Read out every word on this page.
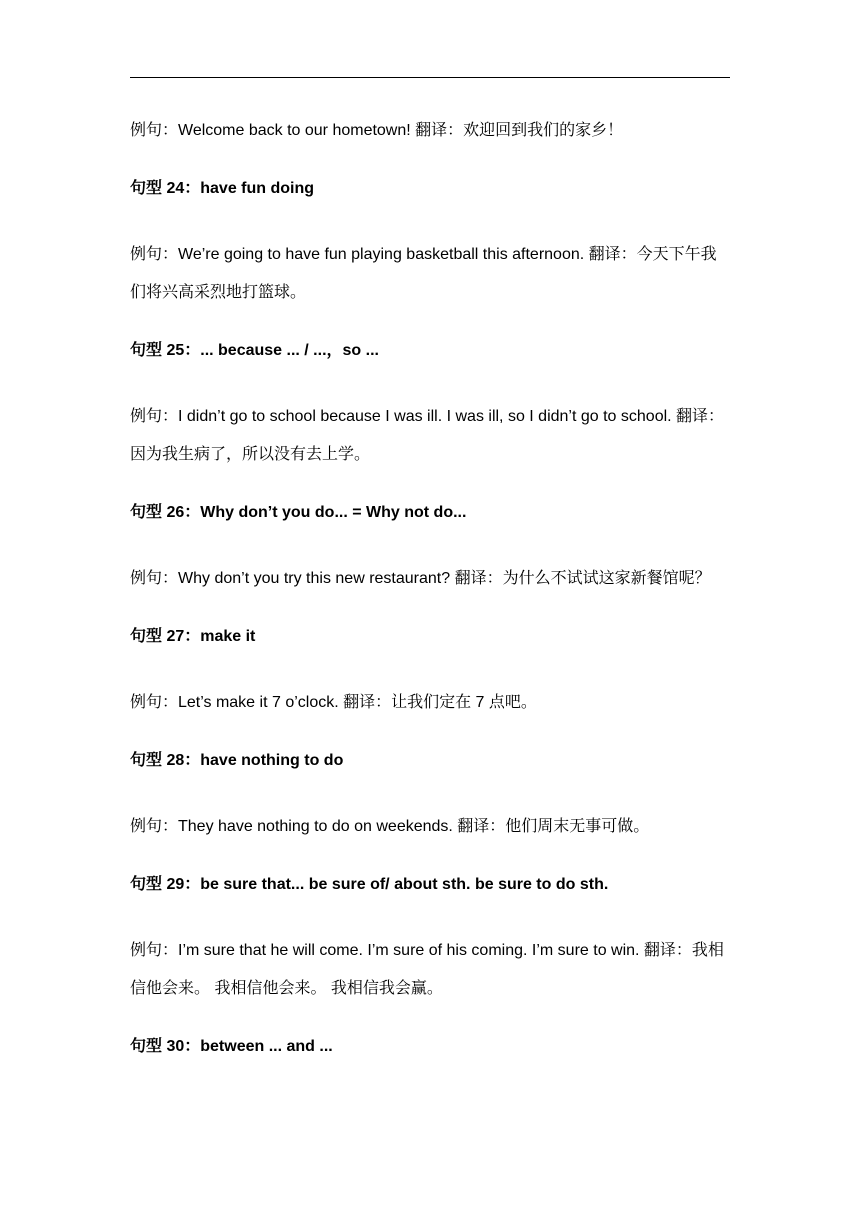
例句：Welcome back to our hometown! 翻译：欢迎回到我们的家乡！

句型 24：have fun doing

例句：We’re going to have fun playing basketball this afternoon. 翻译：今天下午我们将兴高采烈地打篮球。

句型 25：... because ... / ...，so ...

例句：I didn’t go to school because I was ill. I was ill, so I didn’t go to school. 翻译：因为我生病了，所以没有去上学。

句型 26：Why don’t you do... = Why not do...

例句：Why don’t you try this new restaurant? 翻译：为什么不试试这家新餐馆呢？

句型 27：make it

例句：Let’s make it 7 o’clock. 翻译：让我们定在 7 点吧。

句型 28：have nothing to do

例句：They have nothing to do on weekends. 翻译：他们周末无事可做。

句型 29：be sure that... be sure of/ about sth. be sure to do sth.

例句：I’m sure that he will come. I’m sure of his coming. I’m sure to win. 翻译：我相信他会来。 我相信他会来。 我相信我会赢。

句型 30：between ... and ...
